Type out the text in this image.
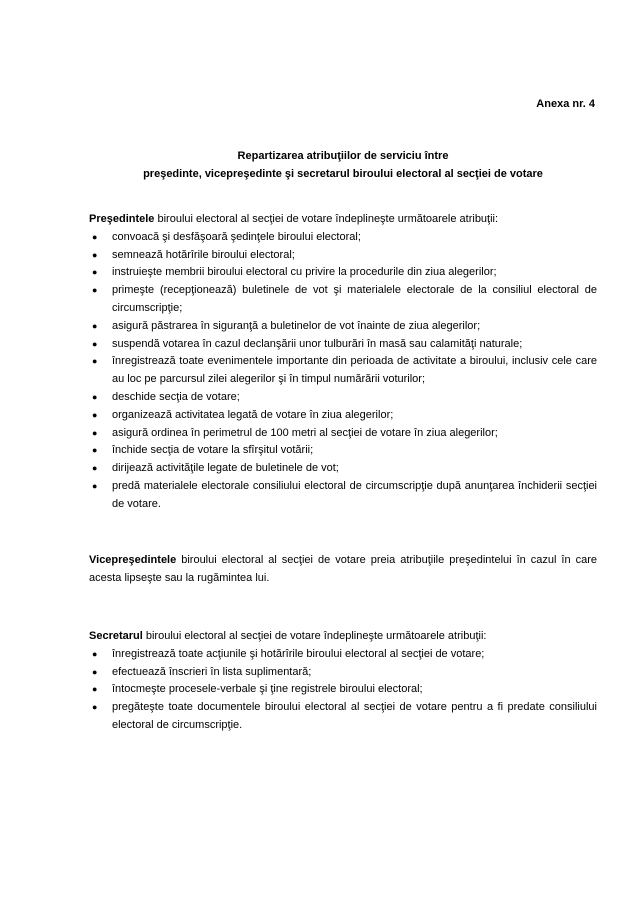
Anexa nr. 4
Repartizarea atribuţiilor de serviciu între
preşedinte, vicepreşedinte şi secretarul biroului electoral al secţiei de votare
Preşedintele biroului electoral al secţiei de votare îndeplineşte următoarele atribuţii:
● convoacă şi desfăşoară şedinţele biroului electoral;
● semnează hotărîrile biroului electoral;
● instruieşte membrii biroului electoral cu privire la procedurile din ziua alegerilor;
● primeşte (recepţionează) buletinele de vot şi materialele electorale de la consiliul electoral de circumscripţie;
● asigură păstrarea în siguranţă a buletinelor de vot înainte de ziua alegerilor;
● suspendă votarea în cazul declanşării unor tulburări în masă sau calamităţi naturale;
● înregistrează toate evenimentele importante din perioada de activitate a biroului, inclusiv cele care au loc pe parcursul zilei alegerilor şi în timpul numărării voturilor;
● deschide secţia de votare;
● organizează activitatea legată de votare în ziua alegerilor;
● asigură ordinea în perimetrul de 100 metri al secţiei de votare în ziua alegerilor;
● închide secţia de votare la sfîrşitul votării;
● dirijează activităţile legate de buletinele de vot;
● predă materialele electorale consiliului electoral de circumscripţie după anunţarea închiderii secţiei de votare.
Vicepreşedintele biroului electoral al secţiei de votare preia atribuţiile preşedintelui în cazul în care acesta lipseşte sau la rugămintea lui.
Secretarul biroului electoral al secţiei de votare îndeplineşte următoarele atribuţii:
● înregistrează toate acţiunile şi hotărîrile biroului electoral al secţiei de votare;
● efectuează înscrieri în lista suplimentară;
● întocmeşte procesele-verbale şi ţine registrele biroului electoral;
● pregăteşte toate documentele biroului electoral al secţiei de votare pentru a fi predate consiliului electoral de circumscripţie.
